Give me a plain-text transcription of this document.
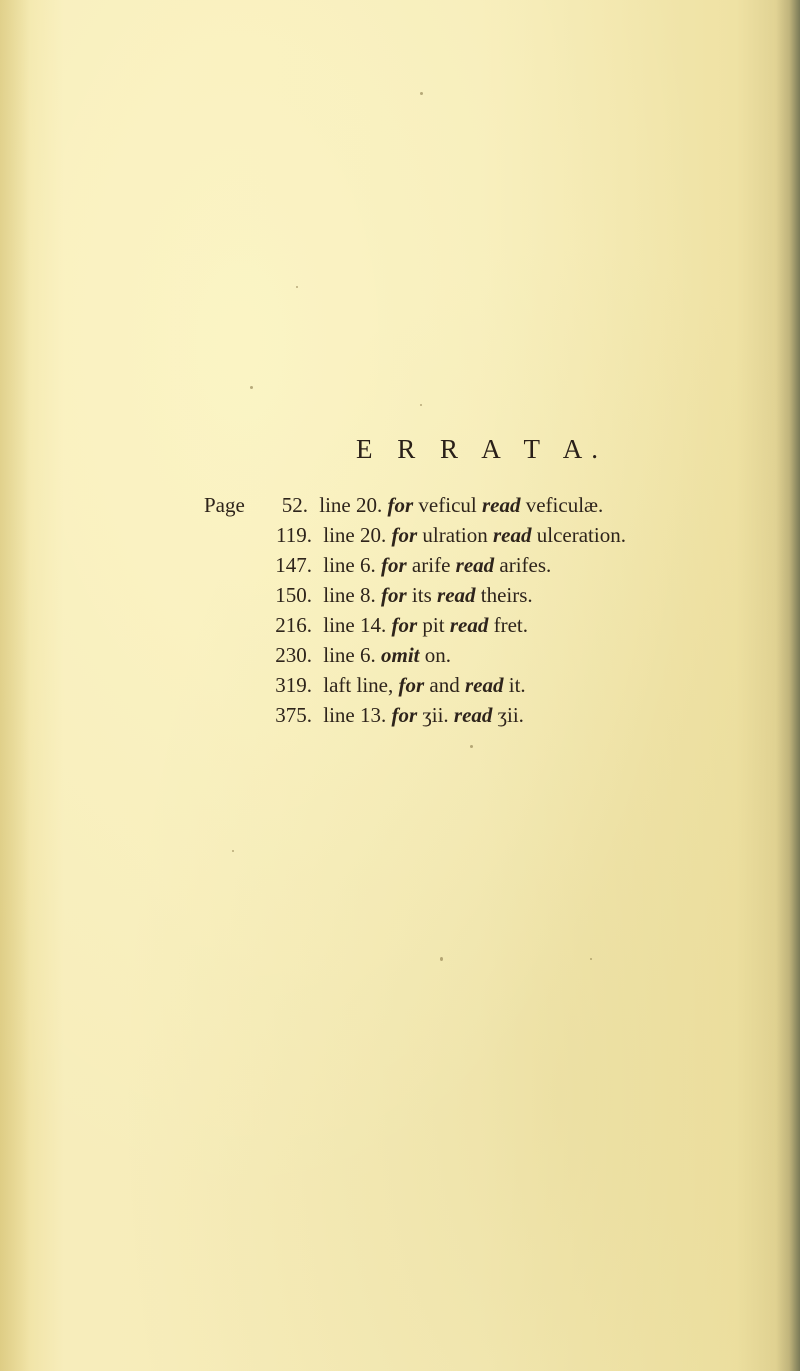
E R R A T A.
Page 52. line 20. for veficul read veficulæ.
119. line 20. for ulration read ulceration.
147. line 6. for arife read arifes.
150. line 8. for its read theirs.
216. line 14. for pit read fret.
230. line 6. omit on.
319. laft line, for and read it.
375. line 13. for ʒii. read ʒii.
